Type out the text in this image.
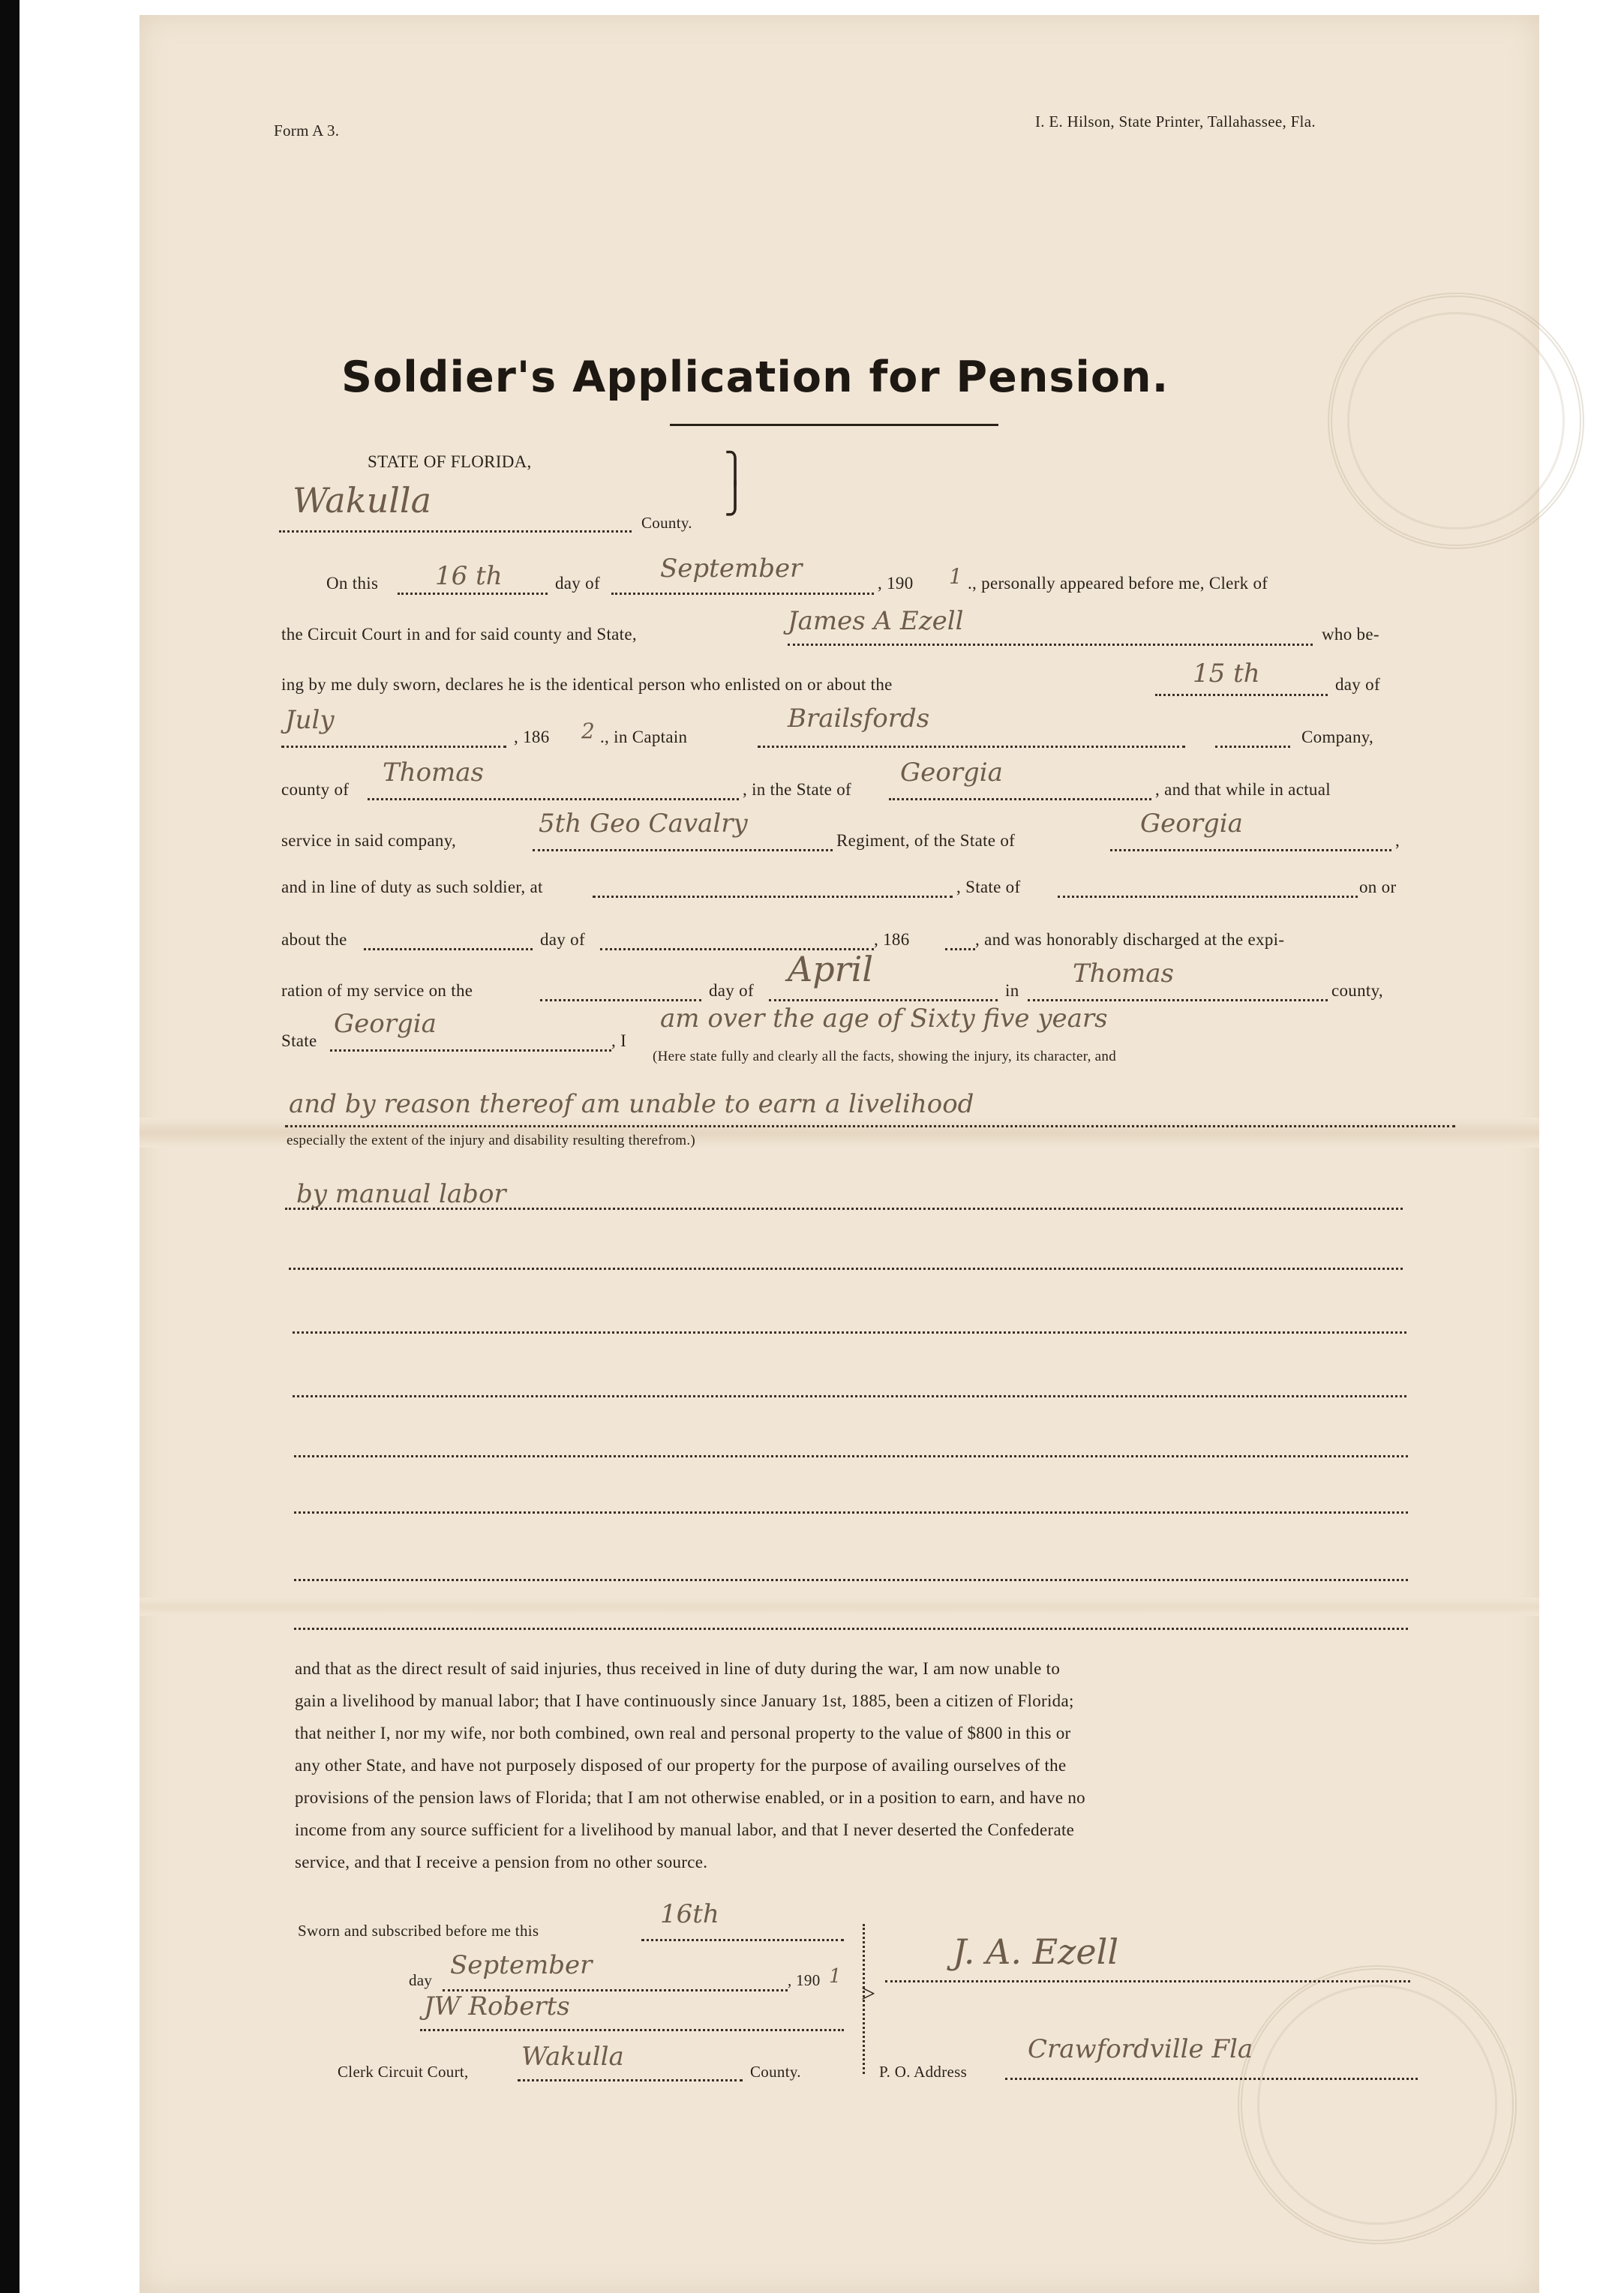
Form A 3.	I. E. Hilson, State Printer, Tallahassee, Fla.
Soldier's Application for Pension.
STATE OF FLORIDA,
Wakulla
County.
⎫
⎭
On this 16 th	day of September	, 190 1 ., personally appeared before me, Clerk of
the Circuit Court in and for said county and State,	James A Ezell	who be-
ing by me duly sworn, declares he is the identical person who enlisted on or about the	15 th	day of
July
, 186 2 ., in Captain
Brailsfords
Company,
county of
Thomas
, in the State of
Georgia
, and that while in actual
service in said company,
5th Geo Cavalry
Regiment, of the State of
Georgia
,
and in line of duty as such soldier, at	, State of	on or
about the	day of	, 186	, and was honorably discharged at the expi-
ration of my service on the	day of
April
in
Thomas
county,
State
Georgia
, I
am over the age of Sixty five years
(Here state fully and clearly all the facts, showing the injury, its character, and
and by reason thereof am unable to earn a livelihood
especially the extent of the injury and disability resulting therefrom.)
by manual labor
and that as the direct result of said injuries, thus received in line of duty during the war, I am now unable to
gain a livelihood by manual labor; that I have continuously since January 1st, 1885, been a citizen of Florida;
that neither I, nor my wife, nor both combined, own real and personal property to the value of $800 in this or
any other State, and have not purposely disposed of our property for the purpose of availing ourselves of the
provisions of the pension laws of Florida; that I am not otherwise enabled, or in a position to earn, and have no
income from any source sufficient for a livelihood by manual labor, and that I never deserted the Confederate
service, and that I receive a pension from no other source.
Sworn and subscribed before me this
16th
day September	, 190 1
JW Roberts
Clerk Circuit Court, Wakulla	County.
>
J. A. Ezell
P. O. Address
Crawfordville Fla
